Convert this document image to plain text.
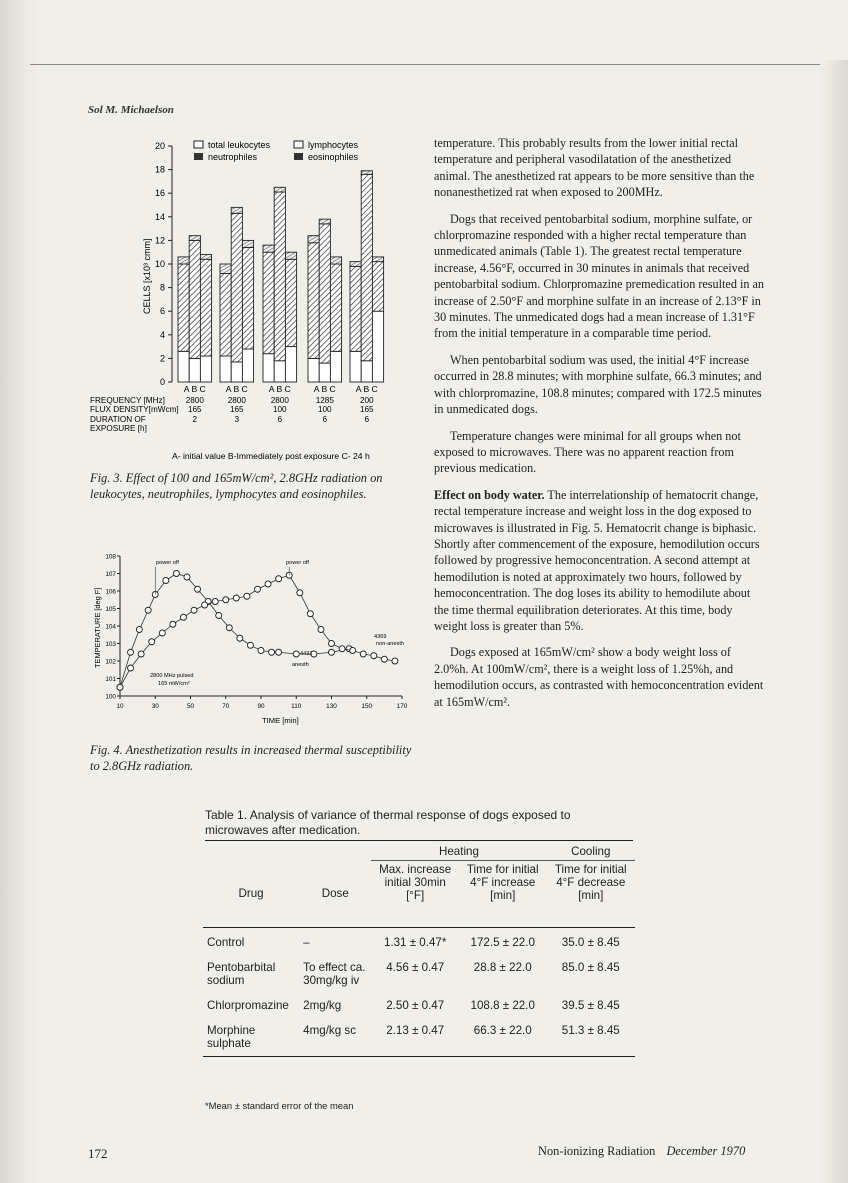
Sol M. Michaelson
total leukocytes
neutrophiles
lymphocytes
eosinophiles
0
2
4
6
8
10
12
14
16
18
20
A B C A B C A B C	A B C A B C
CELLS [x10³ cmm]
FREQUENCY [MHz]
FLUX DENSITY[mWcm]
DURATION OF
EXPOSURE [h]
2800	2800	2800	1285	200
165	165	100	100	165
2	3	6	6	6
A- initial value B-Immediately post exposure C- 24 h
Fig. 3. Effect of 100 and 165mW/cm², 2.8GHz radiation on leukocytes, neutrophiles, lymphocytes and eosinophiles.
100
101
102
103
104
105
106
107
108
10	30	50	70	90	110	130	150	170
power off	power off
4369
non-anesth
4431
anesth
2800 MHz pulsed
165 mW/cm²
TEMPERATURE [deg F]
TIME [min]
Fig. 4. Anesthetization results in increased thermal susceptibility to 2.8GHz radiation.

temperature. This probably results from the lower initial rectal temperature and peripheral vasodilatation of the anesthetized animal. The anesthetized rat appears to be more sensitive than the nonanesthetized rat when exposed to 200MHz.

Dogs that received pentobarbital sodium, morphine sulfate, or chlorpromazine responded with a higher rectal temperature than unmedicated animals (Table 1). The greatest rectal temperature increase, 4.56°F, occurred in 30 minutes in animals that received pentobarbital sodium. Chlorpromazine premedication resulted in an increase of 2.50°F and morphine sulfate in an increase of 2.13°F in 30 minutes. The unmedicated dogs had a mean increase of 1.31°F from the initial temperature in a comparable time period.

When pentobarbital sodium was used, the initial 4°F increase occurred in 28.8 minutes; with morphine sulfate, 66.3 minutes; and with chlorpromazine, 108.8 minutes; compared with 172.5 minutes in unmedicated dogs.

Temperature changes were minimal for all groups when not exposed to microwaves. There was no apparent reaction from previous medication.

Effect on body water. The interrelationship of hematocrit change, rectal temperature increase and weight loss in the dog exposed to microwaves is illustrated in Fig. 5. Hematocrit change is biphasic. Shortly after commencement of the exposure, hemodilution occurs followed by progressive hemoconcentration. A second attempt at hemodilution is noted at approximately two hours, followed by hemoconcentration. The dog loses its ability to hemodilute about the time thermal equilibration deteriorates. At this time, body weight loss is greater than 5%.

Dogs exposed at 165mW/cm² show a body weight loss of 2.0%h. At 100mW/cm², there is a weight loss of 1.25%h, and hemodilution occurs, as contrasted with hemoconcentration evident at 165mW/cm².

Table 1. Analysis of variance of thermal response of dogs exposed to microwaves after medication.
		Heating		Cooling
Drug	Dose	Max. increase initial 30min [°F]	Time for initial 4°F increase [min]	Time for initial 4°F decrease [min]

Control	–	1.31 ± 0.47*	172.5 ± 22.0	35.0 ± 8.45
Pentobarbital sodium	To effect ca. 30mg/kg iv	4.56 ± 0.47	28.8 ± 22.0	85.0 ± 8.45
Chlorpromazine	2mg/kg	2.50 ± 0.47	108.8 ± 22.0	39.5 ± 8.45
Morphine sulphate	4mg/kg sc	2.13 ± 0.47	66.3 ± 22.0	51.3 ± 8.45

*Mean ± standard error of the mean
172	Non-ionizing Radiation December 1970
